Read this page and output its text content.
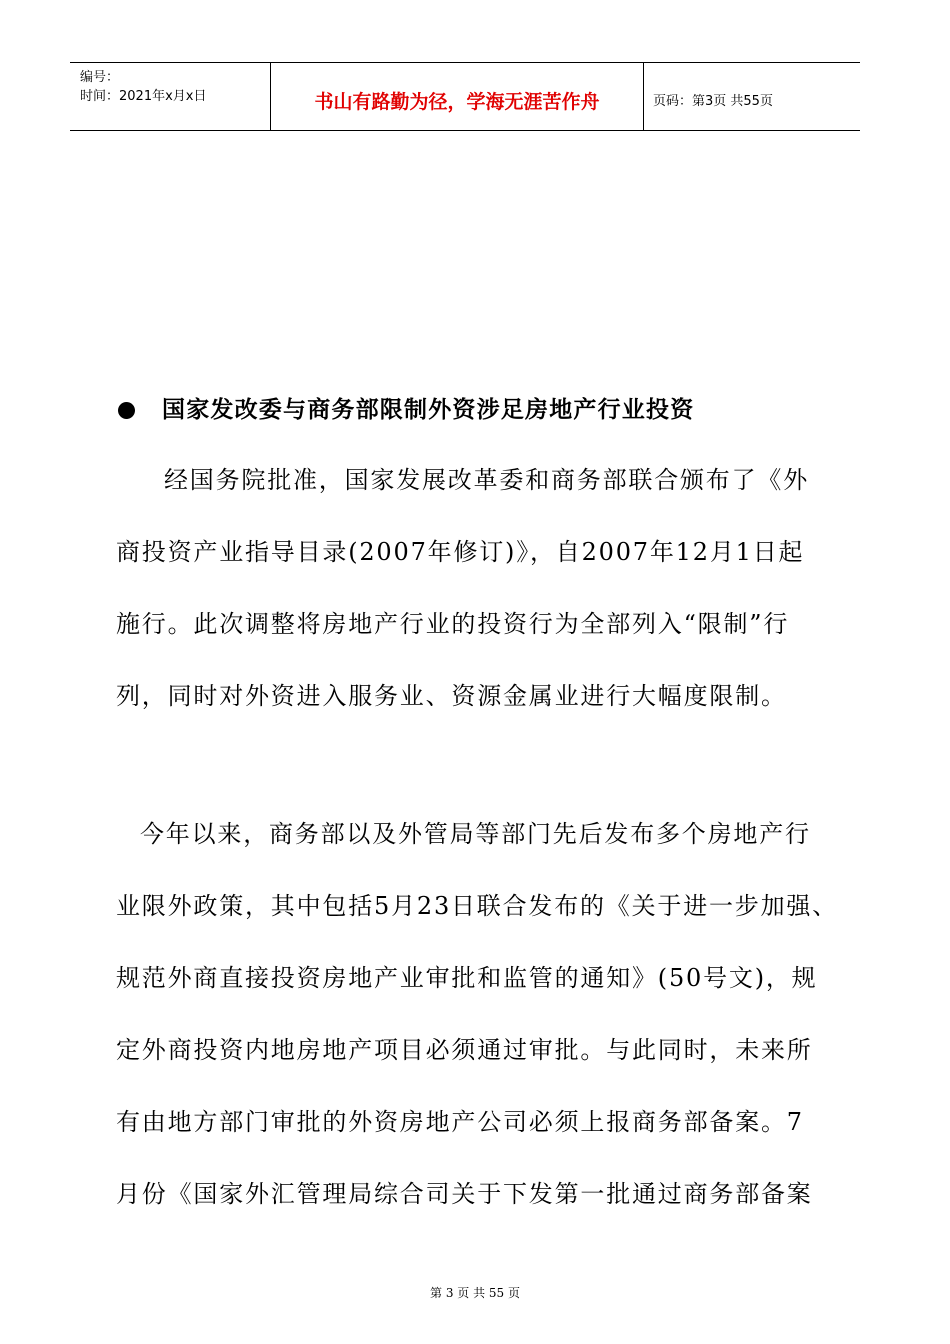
编号：
时间：2021年x月x日	书山有路勤为径，学海无涯苦作舟	页码：第3页 共55页
国家发改委与商务部限制外资涉足房地产行业投资
经国务院批准，国家发展改革委和商务部联合颁布了《外
商投资产业指导目录(2007年修订)》，自2007年12月1日起
施行。此次调整将房地产行业的投资行为全部列入“限制”行
列，同时对外资进入服务业、资源金属业进行大幅度限制。
今年以来，商务部以及外管局等部门先后发布多个房地产行
业限外政策，其中包括5月23日联合发布的《关于进一步加强、
规范外商直接投资房地产业审批和监管的通知》(50号文)，规
定外商投资内地房地产项目必须通过审批。与此同时，未来所
有由地方部门审批的外资房地产公司必须上报商务部备案。7
月份《国家外汇管理局综合司关于下发第一批通过商务部备案
第 3 页 共 55 页
